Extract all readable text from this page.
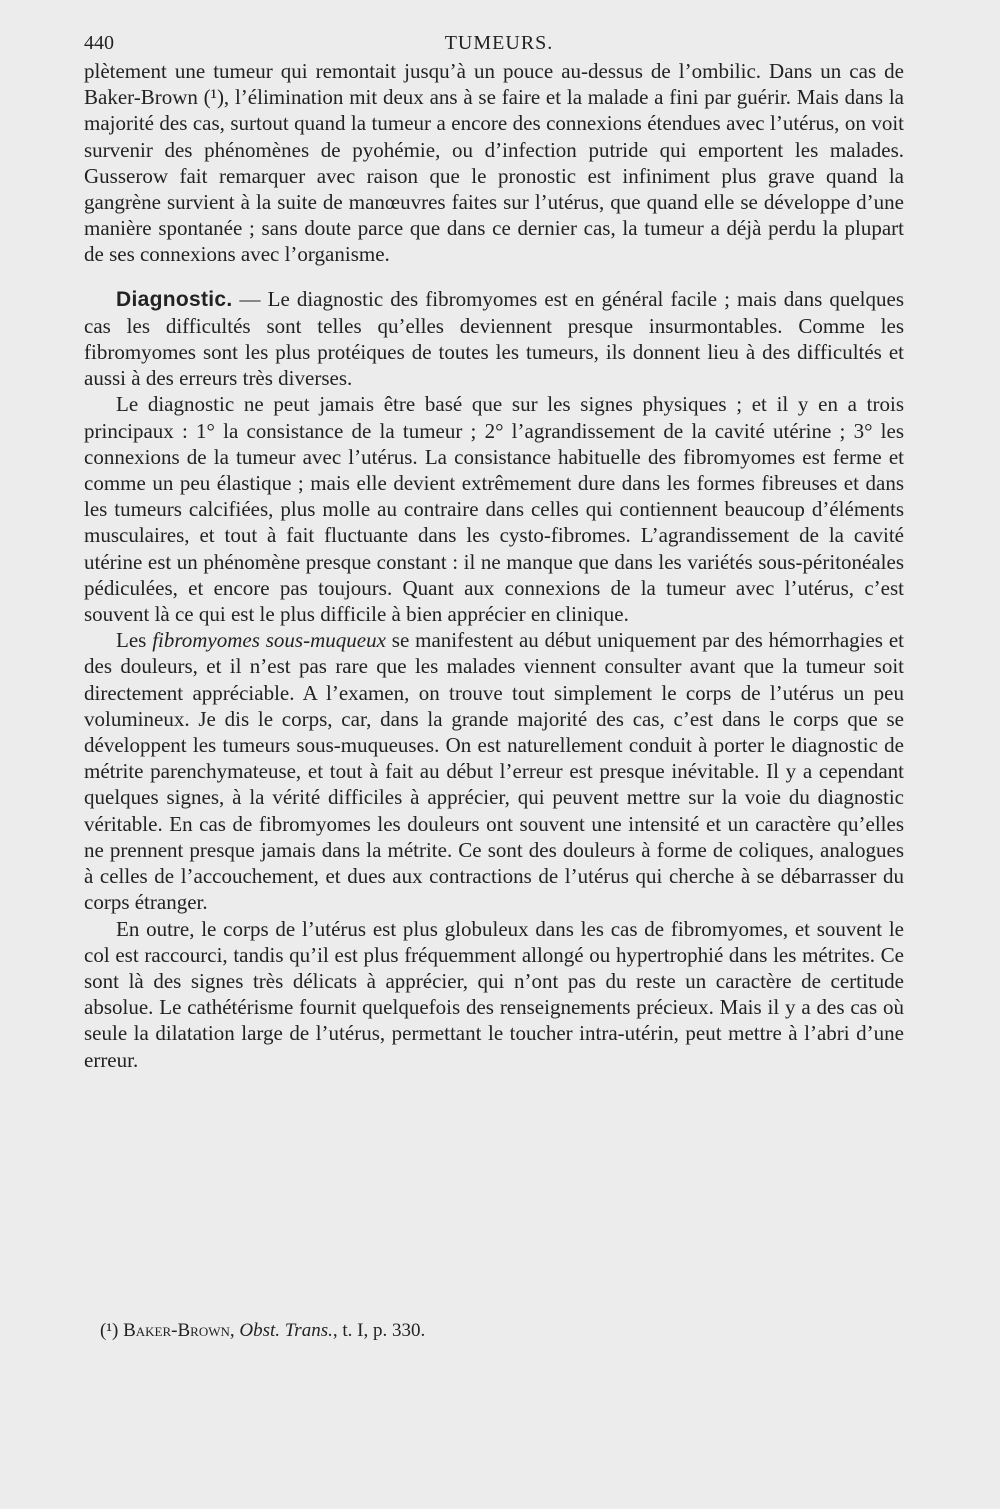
440	TUMEURS.

plètement une tumeur qui remontait jusqu’à un pouce au-dessus de l’ombilic. Dans un cas de Baker-Brown (¹), l’élimination mit deux ans à se faire et la malade a fini par guérir. Mais dans la majorité des cas, surtout quand la tumeur a encore des connexions étendues avec l’utérus, on voit survenir des phénomènes de pyohémie, ou d’infection putride qui emportent les malades. Gusserow fait remarquer avec raison que le pronostic est infiniment plus grave quand la gangrène survient à la suite de manœuvres faites sur l’utérus, que quand elle se développe d’une manière spontanée ; sans doute parce que dans ce dernier cas, la tumeur a déjà perdu la plupart de ses connexions avec l’organisme.

Diagnostic. — Le diagnostic des fibromyomes est en général facile ; mais dans quelques cas les difficultés sont telles qu’elles deviennent presque insurmontables. Comme les fibromyomes sont les plus protéiques de toutes les tumeurs, ils donnent lieu à des difficultés et aussi à des erreurs très diverses.

Le diagnostic ne peut jamais être basé que sur les signes physiques ; et il y en a trois principaux : 1° la consistance de la tumeur ; 2° l’agrandissement de la cavité utérine ; 3° les connexions de la tumeur avec l’utérus. La consistance habituelle des fibromyomes est ferme et comme un peu élastique ; mais elle devient extrêmement dure dans les formes fibreuses et dans les tumeurs calcifiées, plus molle au contraire dans celles qui contiennent beaucoup d’éléments musculaires, et tout à fait fluctuante dans les cysto-fibromes. L’agrandissement de la cavité utérine est un phénomène presque constant : il ne manque que dans les variétés sous-péritonéales pédiculées, et encore pas toujours. Quant aux connexions de la tumeur avec l’utérus, c’est souvent là ce qui est le plus difficile à bien apprécier en clinique.

Les fibromyomes sous-muqueux se manifestent au début uniquement par des hémorrhagies et des douleurs, et il n’est pas rare que les malades viennent consulter avant que la tumeur soit directement appréciable. A l’examen, on trouve tout simplement le corps de l’utérus un peu volumineux. Je dis le corps, car, dans la grande majorité des cas, c’est dans le corps que se développent les tumeurs sous-muqueuses. On est naturellement conduit à porter le diagnostic de métrite parenchymateuse, et tout à fait au début l’erreur est presque inévitable. Il y a cependant quelques signes, à la vérité difficiles à apprécier, qui peuvent mettre sur la voie du diagnostic véritable. En cas de fibromyomes les douleurs ont souvent une intensité et un caractère qu’elles ne prennent presque jamais dans la métrite. Ce sont des douleurs à forme de coliques, analogues à celles de l’accouchement, et dues aux contractions de l’utérus qui cherche à se débarrasser du corps étranger.

En outre, le corps de l’utérus est plus globuleux dans les cas de fibromyomes, et souvent le col est raccourci, tandis qu’il est plus fréquemment allongé ou hypertrophié dans les métrites. Ce sont là des signes très délicats à apprécier, qui n’ont pas du reste un caractère de certitude absolue. Le cathétérisme fournit quelquefois des renseignements précieux. Mais il y a des cas où seule la dilatation large de l’utérus, permettant le toucher intra-utérin, peut mettre à l’abri d’une erreur.

(¹) Baker-Brown, Obst. Trans., t. I, p. 330.
